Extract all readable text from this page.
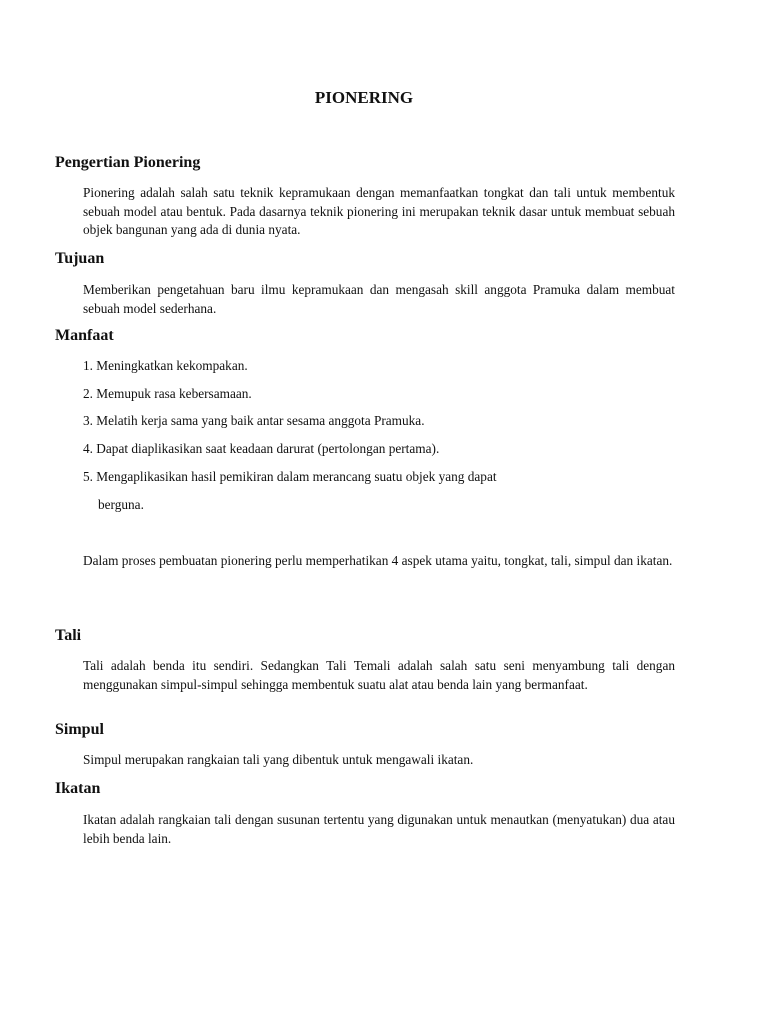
PIONERING
Pengertian Pionering

Pionering adalah salah satu teknik kepramukaan dengan memanfaatkan tongkat dan tali untuk membentuk sebuah model atau bentuk. Pada dasarnya teknik pionering ini merupakan teknik dasar untuk membuat sebuah objek bangunan yang ada di dunia nyata.

Tujuan

Memberikan pengetahuan baru ilmu kepramukaan dan mengasah skill anggota Pramuka dalam membuat sebuah model sederhana.

Manfaat

1. Meningkatkan kekompakan.

2. Memupuk rasa kebersamaan.

3. Melatih kerja sama yang baik antar sesama anggota Pramuka.

4. Dapat diaplikasikan saat keadaan darurat (pertolongan pertama).

5. Mengaplikasikan hasil pemikiran dalam merancang suatu objek yang dapat

berguna.

Dalam proses pembuatan pionering perlu memperhatikan 4 aspek utama yaitu, tongkat, tali, simpul dan ikatan.

Tali

Tali adalah benda itu sendiri. Sedangkan Tali Temali adalah salah satu seni menyambung tali dengan menggunakan simpul-simpul sehingga membentuk suatu alat atau benda lain yang bermanfaat.

Simpul

Simpul merupakan rangkaian tali yang dibentuk untuk mengawali ikatan.

Ikatan

Ikatan adalah rangkaian tali dengan susunan tertentu yang digunakan untuk menautkan (menyatukan) dua atau lebih benda lain.
